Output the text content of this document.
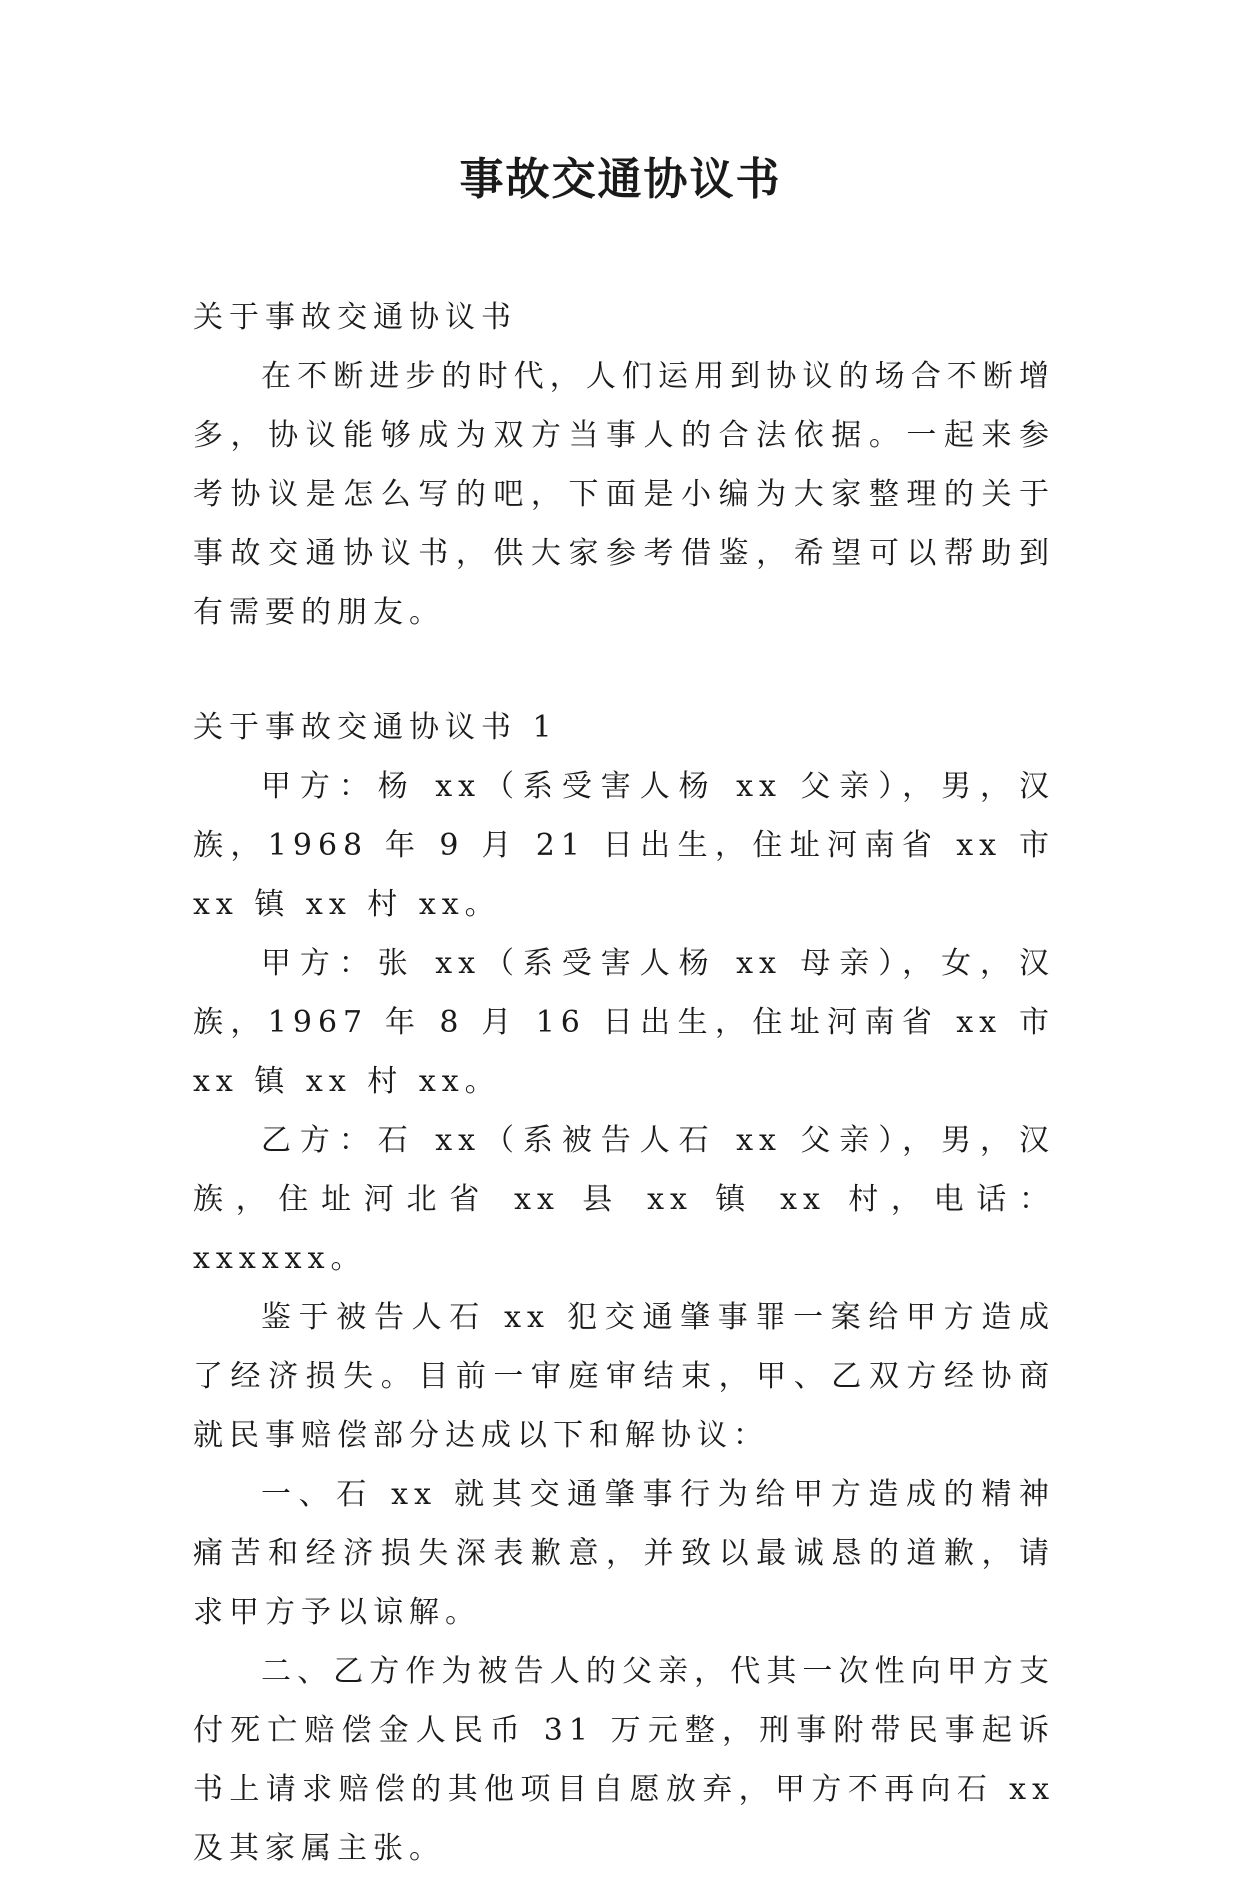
事故交通协议书

关于事故交通协议书

在不断进步的时代，人们运用到协议的场合不断增多，协议能够成为双方当事人的合法依据。一起来参考协议是怎么写的吧，下面是小编为大家整理的关于事故交通协议书，供大家参考借鉴，希望可以帮助到有需要的朋友。

关于事故交通协议书 1

甲方：杨 xx（系受害人杨 xx 父亲），男，汉族，1968 年 9 月 21 日出生，住址河南省 xx 市 xx 镇 xx 村 xx。

甲方：张 xx（系受害人杨 xx 母亲），女，汉族，1967 年 8 月 16 日出生，住址河南省 xx 市 xx 镇 xx 村 xx。

乙方：石 xx（系被告人石 xx 父亲），男，汉族，住址河北省 xx 县 xx 镇 xx 村，电话：xxxxxx。

鉴于被告人石 xx 犯交通肇事罪一案给甲方造成了经济损失。目前一审庭审结束，甲、乙双方经协商就民事赔偿部分达成以下和解协议：

一、石 xx 就其交通肇事行为给甲方造成的精神痛苦和经济损失深表歉意，并致以最诚恳的道歉，请求甲方予以谅解。

二、乙方作为被告人的父亲，代其一次性向甲方支付死亡赔偿金人民币 31 万元整，刑事附带民事起诉书上请求赔偿的其他项目自愿放弃，甲方不再向石 xx 及其家属主张。
